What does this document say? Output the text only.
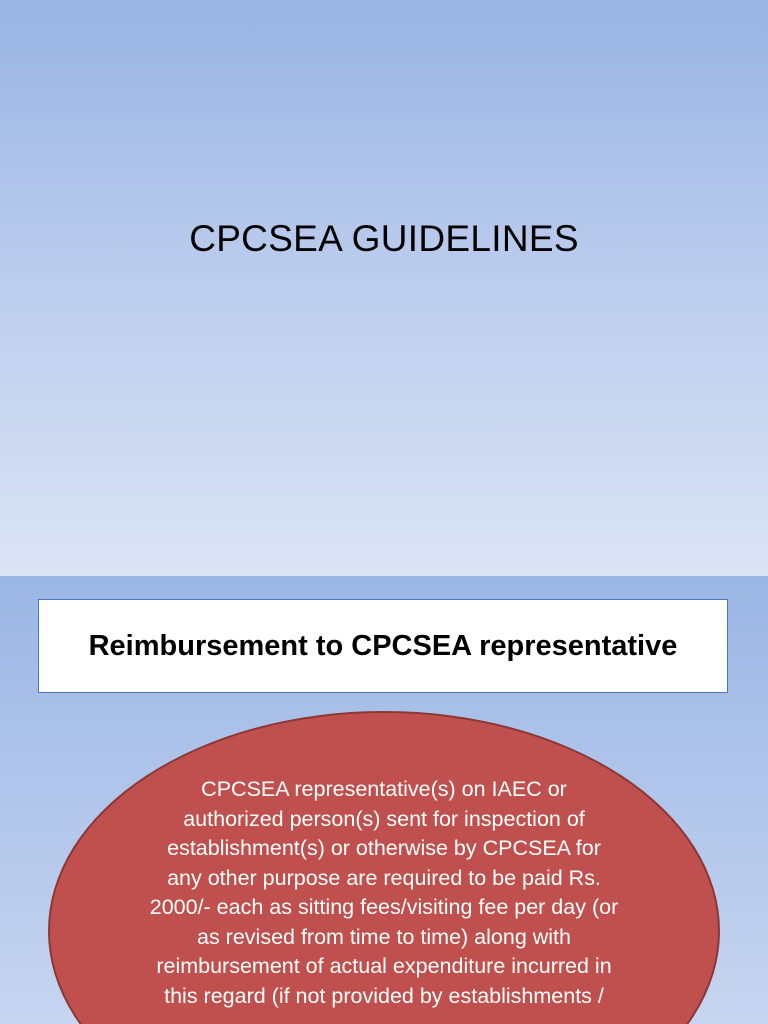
CPCSEA GUIDELINES
Reimbursement to CPCSEA representative
CPCSEA representative(s) on IAEC or authorized person(s) sent for inspection of establishment(s) or otherwise by CPCSEA for any other purpose are required to be paid Rs. 2000/- each as sitting fees/visiting fee per day (or as revised from time to time) along with reimbursement of actual expenditure incurred in this regard (if not provided by establishments /
